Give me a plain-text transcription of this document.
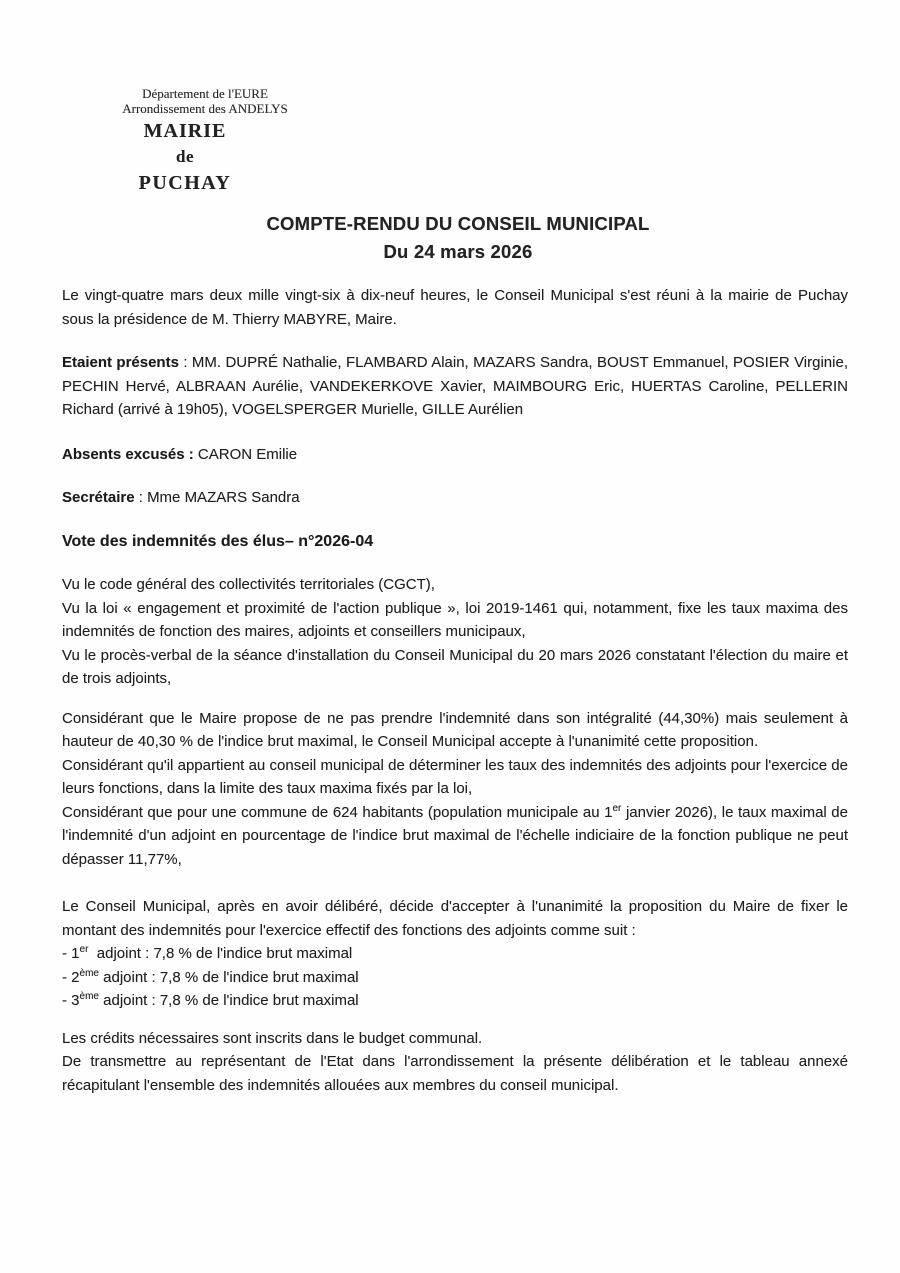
Département de l'EURE
Arrondissement des ANDELYS
MAIRIE
de
PUCHAY
COMPTE-RENDU DU CONSEIL MUNICIPAL
Du 24 mars 2026

Le vingt-quatre mars deux mille vingt-six à dix-neuf heures, le Conseil Municipal s'est réuni à la mairie de Puchay sous la présidence de M. Thierry MABYRE, Maire.

Etaient présents : MM. DUPRÉ Nathalie, FLAMBARD Alain, MAZARS Sandra, BOUST Emmanuel, POSIER Virginie, PECHIN Hervé, ALBRAAN Aurélie, VANDEKERKOVE Xavier, MAIMBOURG Eric, HUERTAS Caroline, PELLERIN Richard (arrivé à 19h05), VOGELSPERGER Murielle, GILLE Aurélien

Absents excusés : CARON Emilie

Secrétaire : Mme MAZARS Sandra

Vote des indemnités des élus– n°2026-04

Vu le code général des collectivités territoriales (CGCT),

Vu la loi « engagement et proximité de l'action publique », loi 2019-1461 qui, notamment, fixe les taux maxima des indemnités de fonction des maires, adjoints et conseillers municipaux,

Vu le procès-verbal de la séance d'installation du Conseil Municipal du 20 mars 2026 constatant l'élection du maire et de trois adjoints,

Considérant que le Maire propose de ne pas prendre l'indemnité dans son intégralité (44,30%) mais seulement à hauteur de 40,30 % de l'indice brut maximal, le Conseil Municipal accepte à l'unanimité cette proposition.

Considérant qu'il appartient au conseil municipal de déterminer les taux des indemnités des adjoints pour l'exercice de leurs fonctions, dans la limite des taux maxima fixés par la loi,

Considérant que pour une commune de 624 habitants (population municipale au 1er janvier 2026), le taux maximal de l'indemnité d'un adjoint en pourcentage de l'indice brut maximal de l'échelle indiciaire de la fonction publique ne peut dépasser 11,77%,

Le Conseil Municipal, après en avoir délibéré, décide d'accepter à l'unanimité la proposition du Maire de fixer le montant des indemnités pour l'exercice effectif des fonctions des adjoints comme suit :

- 1er  adjoint : 7,8 % de l'indice brut maximal

- 2ème adjoint : 7,8 % de l'indice brut maximal

- 3ème adjoint : 7,8 % de l'indice brut maximal

Les crédits nécessaires sont inscrits dans le budget communal.

De transmettre au représentant de l'Etat dans l'arrondissement la présente délibération et le tableau annexé récapitulant l'ensemble des indemnités allouées aux membres du conseil municipal.
